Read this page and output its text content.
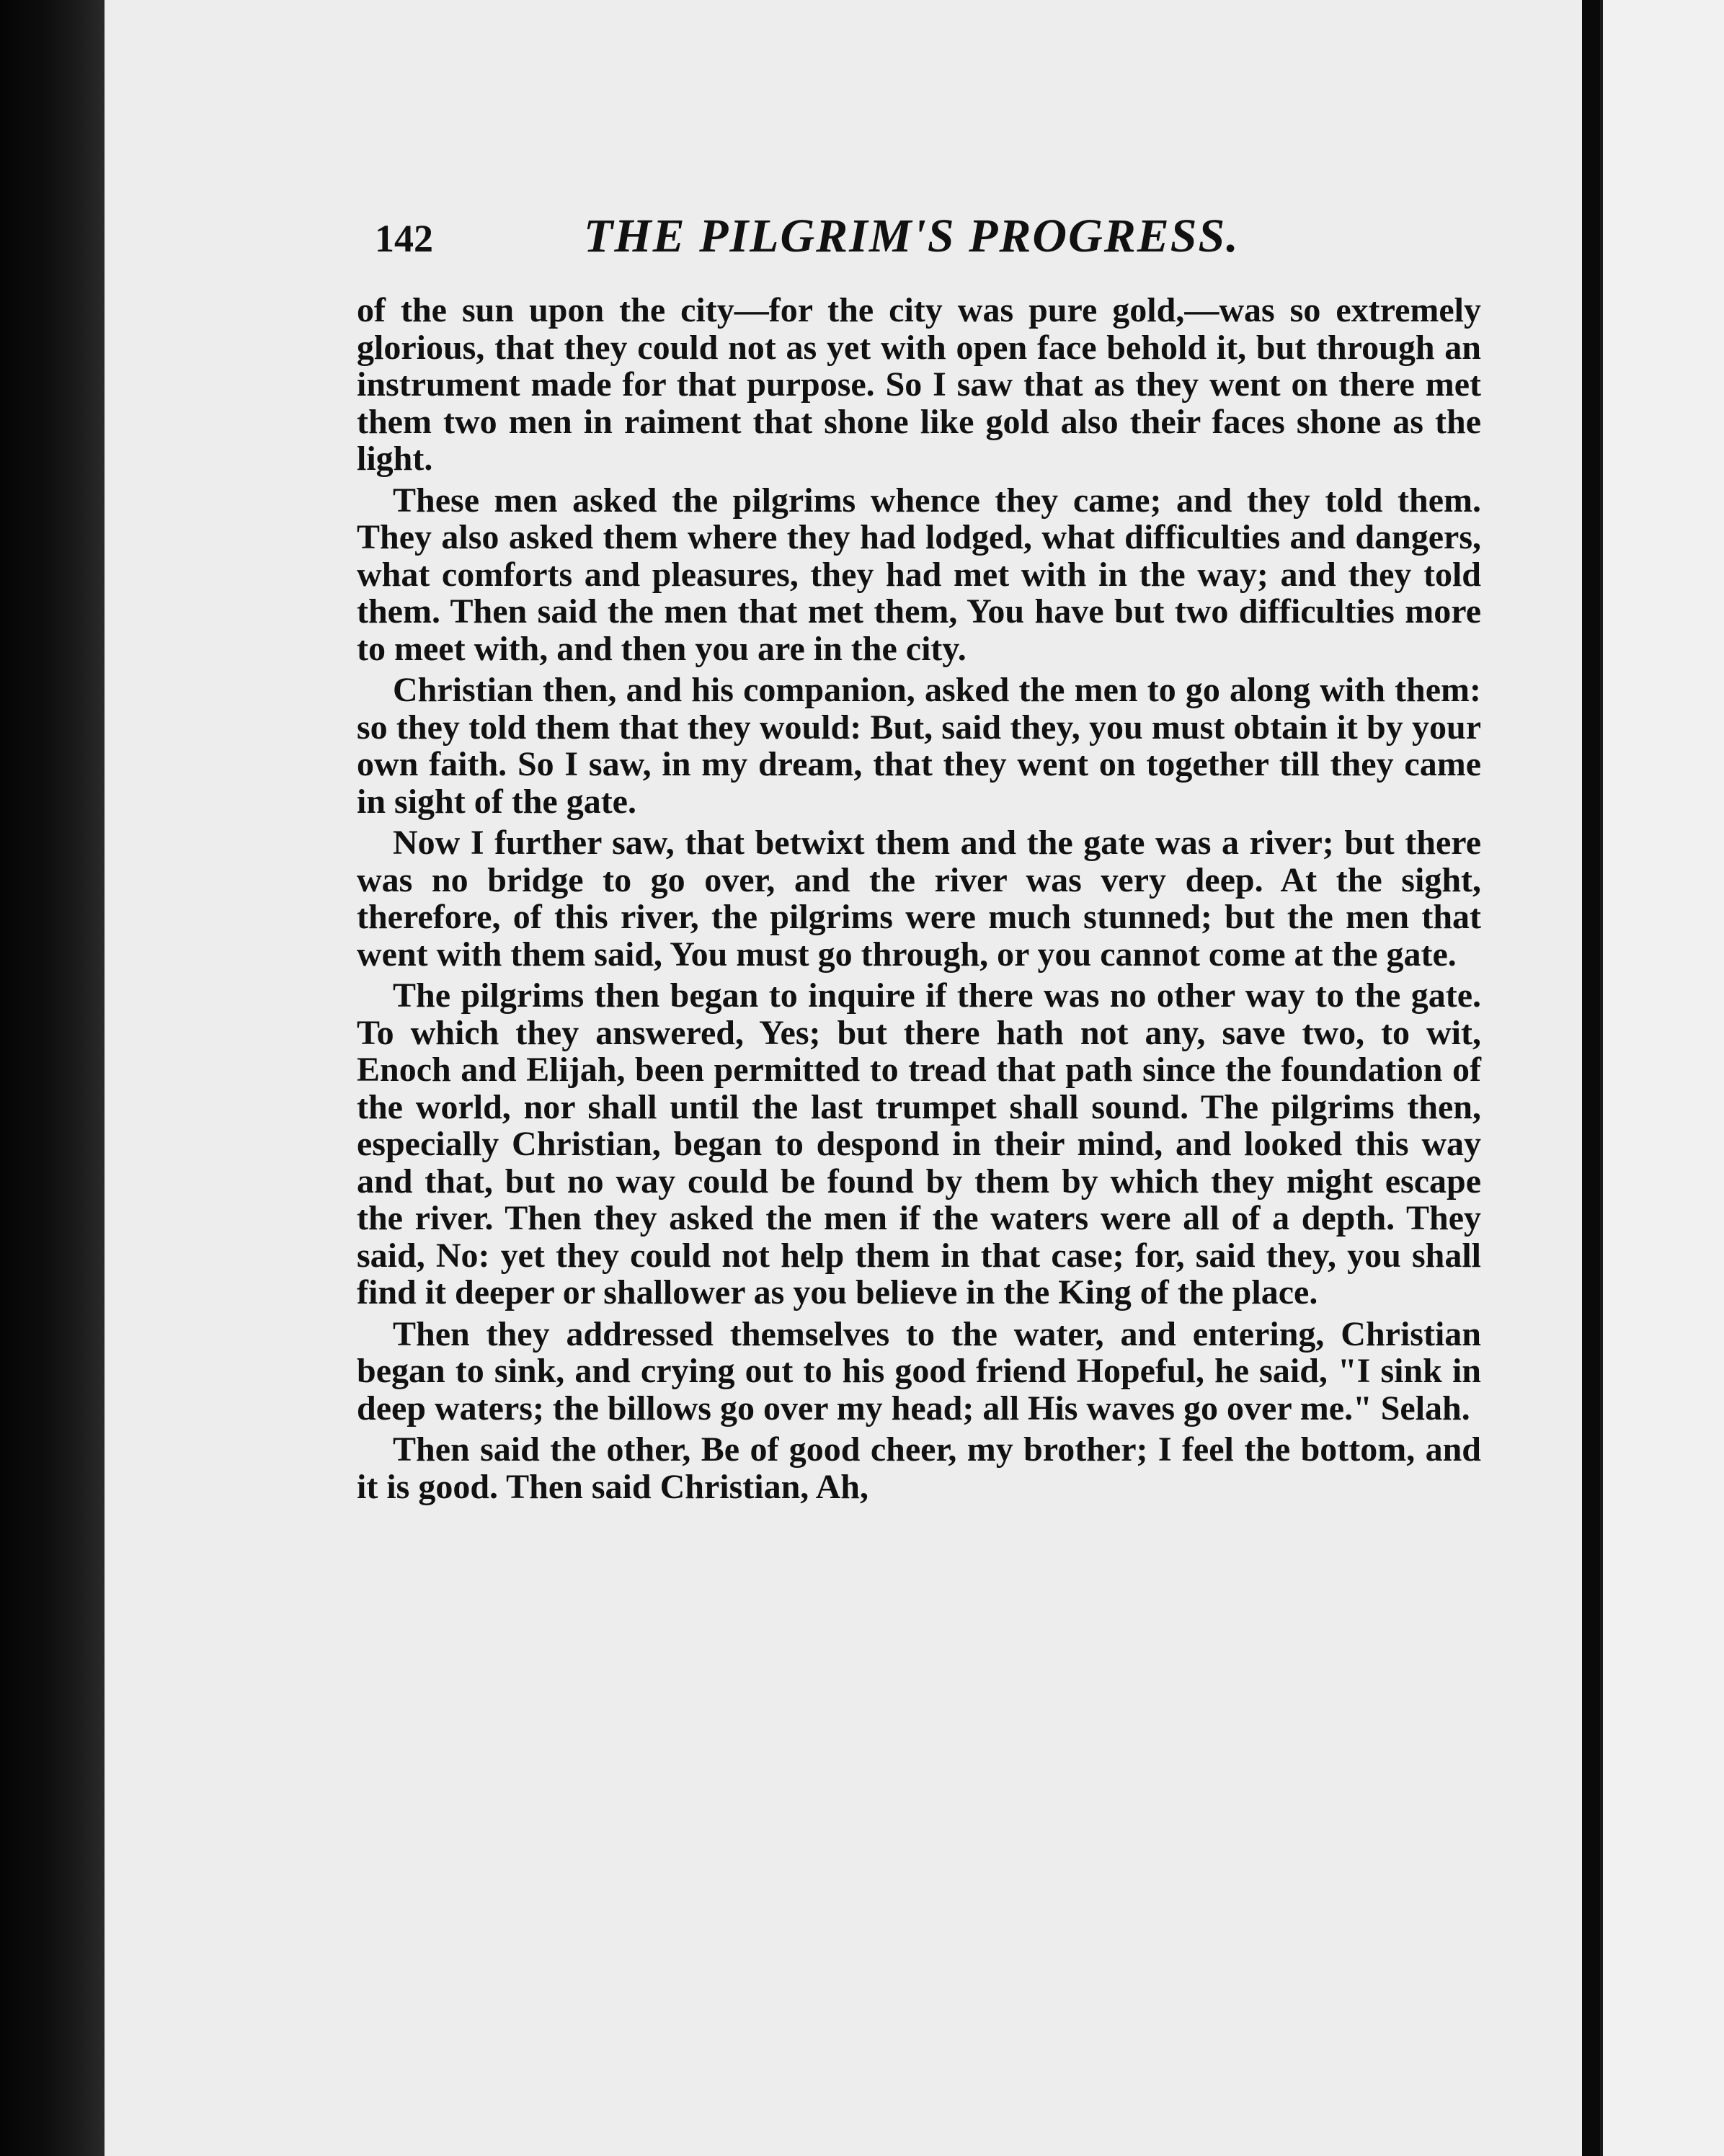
142	THE PILGRIM'S PROGRESS.

of the sun upon the city—for the city was pure gold,—was so extremely glorious, that they could not as yet with open face behold it, but through an instrument made for that purpose. So I saw that as they went on there met them two men in raiment that shone like gold also their faces shone as the light.

These men asked the pilgrims whence they came; and they told them. They also asked them where they had lodged, what difficulties and dangers, what comforts and pleasures, they had met with in the way; and they told them. Then said the men that met them, You have but two difficulties more to meet with, and then you are in the city.

Christian then, and his companion, asked the men to go along with them: so they told them that they would: But, said they, you must obtain it by your own faith. So I saw, in my dream, that they went on together till they came in sight of the gate.

Now I further saw, that betwixt them and the gate was a river; but there was no bridge to go over, and the river was very deep. At the sight, therefore, of this river, the pilgrims were much stunned; but the men that went with them said, You must go through, or you cannot come at the gate.

The pilgrims then began to inquire if there was no other way to the gate. To which they answered, Yes; but there hath not any, save two, to wit, Enoch and Elijah, been permitted to tread that path since the foundation of the world, nor shall until the last trumpet shall sound. The pilgrims then, especially Christian, began to despond in their mind, and looked this way and that, but no way could be found by them by which they might escape the river. Then they asked the men if the waters were all of a depth. They said, No: yet they could not help them in that case; for, said they, you shall find it deeper or shallower as you believe in the King of the place.

Then they addressed themselves to the water, and entering, Christian began to sink, and crying out to his good friend Hopeful, he said, "I sink in deep waters; the billows go over my head; all His waves go over me." Selah.

Then said the other, Be of good cheer, my brother; I feel the bottom, and it is good. Then said Christian, Ah,
